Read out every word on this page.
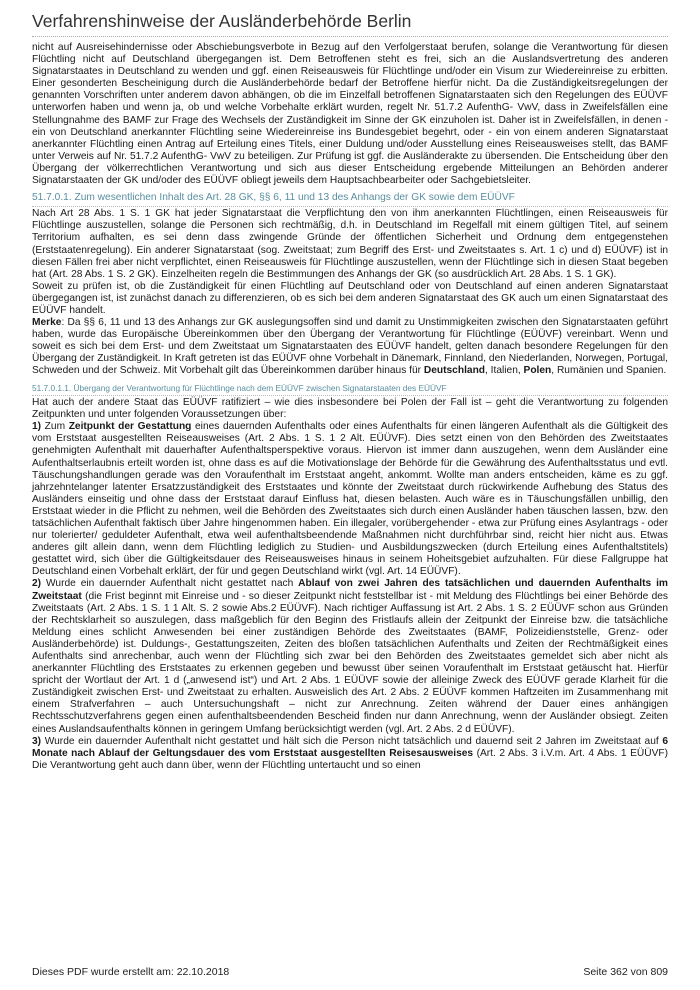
Verfahrenshinweise der Ausländerbehörde Berlin

nicht auf Ausreisehindernisse oder Abschiebungsverbote in Bezug auf den Verfolgerstaat berufen, solange die Verantwortung für diesen Flüchtling nicht auf Deutschland übergegangen ist. Dem Betroffenen steht es frei, sich an die Auslandsvertretung des anderen Signatarstaates in Deutschland zu wenden und ggf. einen Reiseausweis für Flüchtlinge und/oder ein Visum zur Wiedereinreise zu erbitten. Einer gesonderten Bescheinigung durch die Ausländerbehörde bedarf der Betroffene hierfür nicht. Da die Zuständigkeitsregelungen der genannten Vorschriften unter anderem davon abhängen, ob die im Einzelfall betroffenen Signatarstaaten sich den Regelungen des EÜÜVF unterworfen haben und wenn ja, ob und welche Vorbehalte erklärt wurden, regelt Nr. 51.7.2 AufenthG- VwV, dass in Zweifelsfällen eine Stellungnahme des BAMF zur Frage des Wechsels der Zuständigkeit im Sinne der GK einzuholen ist. Daher ist in Zweifelsfällen, in denen - ein von Deutschland anerkannter Flüchtling seine Wiedereinreise ins Bundesgebiet begehrt, oder - ein von einem anderen Signatarstaat anerkannter Flüchtling einen Antrag auf Erteilung eines Titels, einer Duldung und/oder Ausstellung eines Reiseausweises stellt, das BAMF unter Verweis auf Nr. 51.7.2 AufenthG- VwV zu beteiligen. Zur Prüfung ist ggf. die Ausländerakte zu übersenden. Die Entscheidung über den Übergang der völkerrechtlichen Verantwortung und sich aus dieser Entscheidung ergebende Mitteilungen an Behörden anderer Signatarstaaten der GK und/oder des EÜÜVF obliegt jeweils dem Hauptsachbearbeiter oder Sachgebietsleiter.

51.7.0.1. Zum wesentlichen Inhalt des Art. 28 GK, §§ 6, 11 und 13 des Anhangs der GK sowie dem EÜÜVF

Nach Art 28 Abs. 1 S. 1 GK hat jeder Signatarstaat die Verpflichtung den von ihm anerkannten Flüchtlingen, einen Reiseausweis für Flüchtlinge auszustellen, solange die Personen sich rechtmäßig, d.h. in Deutschland im Regelfall mit einem gültigen Titel, auf seinem Territorium aufhalten, es sei denn dass zwingende Gründe der öffentlichen Sicherheit und Ordnung dem entgegenstehen (Erststaatenregelung). Ein anderer Signatarstaat (sog. Zweitstaat; zum Begriff des Erst- und Zweitstaates s. Art. 1 c) und d) EÜÜVF) ist in diesen Fällen frei aber nicht verpflichtet, einen Reiseausweis für Flüchtlinge auszustellen, wenn der Flüchtlinge sich in diesen Staat begeben hat (Art. 28 Abs. 1 S. 2 GK). Einzelheiten regeln die Bestimmungen des Anhangs der GK (so ausdrücklich Art. 28 Abs. 1 S. 1 GK).

Soweit zu prüfen ist, ob die Zuständigkeit für einen Flüchtling auf Deutschland oder von Deutschland auf einen anderen Signatarstaat übergegangen ist, ist zunächst danach zu differenzieren, ob es sich bei dem anderen Signatarstaat des GK auch um einen Signatarstaat des EÜÜVF handelt.

Merke: Da §§ 6, 11 und 13 des Anhangs zur GK auslegungsoffen sind und damit zu Unstimmigkeiten zwischen den Signatarstaaten geführt haben, wurde das Europäische Übereinkommen über den Übergang der Verantwortung für Flüchtlinge (EÜÜVF) vereinbart. Wenn und soweit es sich bei dem Erst- und dem Zweitstaat um Signatarstaaten des EÜÜVF handelt, gelten danach besondere Regelungen für den Übergang der Zuständigkeit. In Kraft getreten ist das EÜÜVF ohne Vorbehalt in Dänemark, Finnland, den Niederlanden, Norwegen, Portugal, Schweden und der Schweiz. Mit Vorbehalt gilt das Übereinkommen darüber hinaus für Deutschland, Italien, Polen, Rumänien und Spanien.

51.7.0.1.1. Übergang der Verantwortung für Flüchtlinge nach dem EÜÜVF zwischen Signatarstaaten des EÜÜVF

Hat auch der andere Staat das EÜÜVF ratifiziert – wie dies insbesondere bei Polen der Fall ist – geht die Verantwortung zu folgenden Zeitpunkten und unter folgenden Voraussetzungen über:

1) Zum Zeitpunkt der Gestattung eines dauernden Aufenthalts oder eines Aufenthalts für einen längeren Aufenthalt als die Gültigkeit des vom Erststaat ausgestellten Reiseausweises (Art. 2 Abs. 1 S. 1 2 Alt. EÜÜVF). Dies setzt einen von den Behörden des Zweitstaates genehmigten Aufenthalt mit dauerhafter Aufenthaltsperspektive voraus. Hiervon ist immer dann auszugehen, wenn dem Ausländer eine Aufenthaltserlaubnis erteilt worden ist, ohne dass es auf die Motivationslage der Behörde für die Gewährung des Aufenthaltsstatus und evtl. Täuschungshandlungen gerade was den Voraufenthalt im Erststaat angeht, ankommt. Wollte man anders entscheiden, käme es zu ggf. jahrzehntelanger latenter Ersatzzuständigkeit des Erststaates und könnte der Zweitstaat durch rückwirkende Aufhebung des Status des Ausländers einseitig und ohne dass der Erststaat darauf Einfluss hat, diesen belasten. Auch wäre es in Täuschungsfällen unbillig, den Erststaat wieder in die Pflicht zu nehmen, weil die Behörden des Zweitstaates sich durch einen Ausländer haben täuschen lassen, bzw. den tatsächlichen Aufenthalt faktisch über Jahre hingenommen haben. Ein illegaler, vorübergehender - etwa zur Prüfung eines Asylantrags - oder nur tolerierter/ geduldeter Aufenthalt, etwa weil aufenthaltsbeendende Maßnahmen nicht durchführbar sind, reicht hier nicht aus. Etwas anderes gilt allein dann, wenn dem Flüchtling lediglich zu Studien- und Ausbildungszwecken (durch Erteilung eines Aufenthaltstitels) gestattet wird, sich über die Gültigkeitsdauer des Reiseausweises hinaus in seinem Hoheitsgebiet aufzuhalten. Für diese Fallgruppe hat Deutschland einen Vorbehalt erklärt, der für und gegen Deutschland wirkt (vgl. Art. 14 EÜÜVF).

2) Wurde ein dauernder Aufenthalt nicht gestattet nach Ablauf von zwei Jahren des tatsächlichen und dauernden Aufenthalts im Zweitstaat (die Frist beginnt mit Einreise und - so dieser Zeitpunkt nicht feststellbar ist - mit Meldung des Flüchtlings bei einer Behörde des Zweitstaats (Art. 2 Abs. 1 S. 1 1 Alt. S. 2 sowie Abs.2 EÜÜVF). Nach richtiger Auffassung ist Art. 2 Abs. 1 S. 2 EÜÜVF schon aus Gründen der Rechtsklarheit so auszulegen, dass maßgeblich für den Beginn des Fristlaufs allein der Zeitpunkt der Einreise bzw. die tatsächliche Meldung eines schlicht Anwesenden bei einer zuständigen Behörde des Zweitstaates (BAMF, Polizeidienststelle, Grenz- oder Ausländerbehörde) ist. Duldungs-, Gestattungszeiten, Zeiten des bloßen tatsächlichen Aufenthalts und Zeiten der Rechtmäßigkeit eines Aufenthalts sind anrechenbar, auch wenn der Flüchtling sich zwar bei den Behörden des Zweitstaates gemeldet sich aber nicht als anerkannter Flüchtling des Erststaates zu erkennen gegeben und bewusst über seinen Voraufenthalt im Erststaat getäuscht hat. Hierfür spricht der Wortlaut der Art. 1 d („anwesend ist“) und Art. 2 Abs. 1 EÜÜVF sowie der alleinige Zweck des EÜÜVF gerade Klarheit für die Zuständigkeit zwischen Erst- und Zweitstaat zu erhalten. Ausweislich des Art. 2 Abs. 2 EÜÜVF kommen Haftzeiten im Zusammenhang mit einem Strafverfahren – auch Untersuchungshaft – nicht zur Anrechnung. Zeiten während der Dauer eines anhängigen Rechtsschutzverfahrens gegen einen aufenthaltsbeendenden Bescheid finden nur dann Anrechnung, wenn der Ausländer obsiegt. Zeiten eines Auslandsaufenthalts können in geringem Umfang berücksichtigt werden (vgl. Art. 2 Abs. 2 d EÜÜVF).

3) Wurde ein dauernder Aufenthalt nicht gestattet und hält sich die Person nicht tatsächlich und dauernd seit 2 Jahren im Zweitstaat auf 6 Monate nach Ablauf der Geltungsdauer des vom Erststaat ausgestellten Reisesausweises (Art. 2 Abs. 3 i.V.m. Art. 4 Abs. 1 EÜÜVF) Die Verantwortung geht auch dann über, wenn der Flüchtling untertaucht und so einen

Dieses PDF wurde erstellt am: 22.10.2018	Seite 362 von 809
